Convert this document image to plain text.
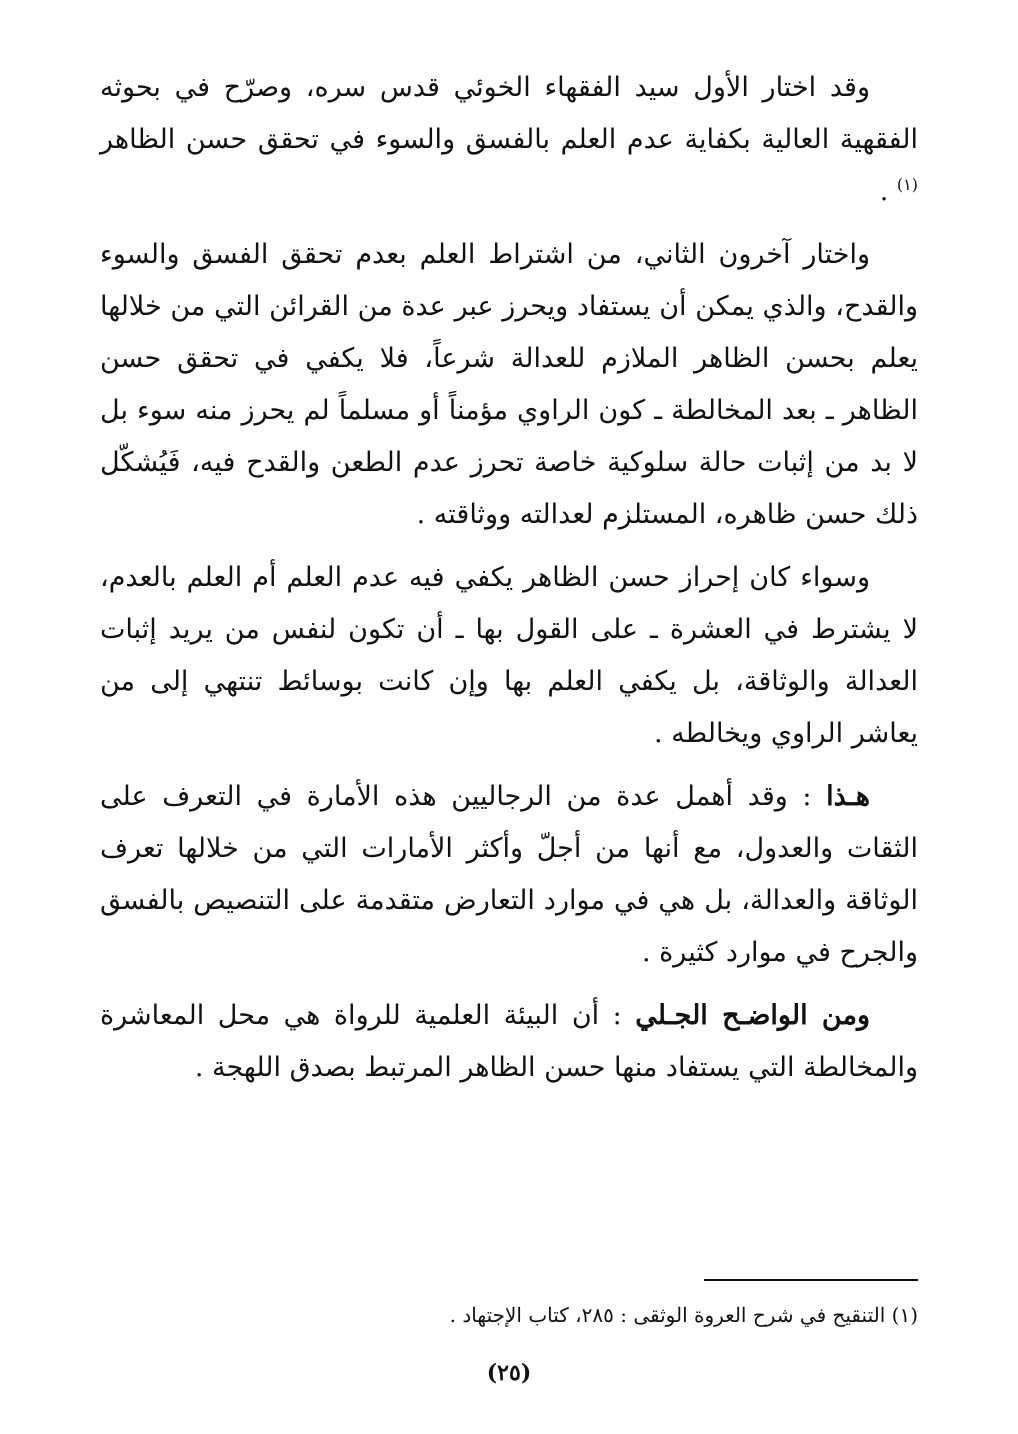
وقد اختار الأول سيد الفقهاء الخوئي قدس سره، وصرّح في بحوثه الفقهية العالية بكفاية عدم العلم بالفسق والسوء في تحقق حسن الظاهر $^{(١)}$ .

واختار آخرون الثاني، من اشتراط العلم بعدم تحقق الفسق والسوء والقدح، والذي يمكن أن يستفاد ويحرز عبر عدة من القرائن التي من خلالها يعلم بحسن الظاهر الملازم للعدالة شرعاً، فلا يكفي في تحقق حسن الظاهر ـ بعد المخالطة ـ كون الراوي مؤمناً أو مسلماً لم يحرز منه سوء بل لا بد من إثبات حالة سلوكية خاصة تحرز عدم الطعن والقدح فيه، فَيُشكّل ذلك حسن ظاهره، المستلزم لعدالته ووثاقته .

وسواء كان إحراز حسن الظاهر يكفي فيه عدم العلم أم العلم بالعدم، لا يشترط في العشرة ـ على القول بها ـ أن تكون لنفس من يريد إثبات العدالة والوثاقة، بل يكفي العلم بها وإن كانت بوسائط تنتهي إلى من يعاشر الراوي ويخالطه .

هـذا : وقد أهمل عدة من الرجاليين هذه الأمارة في التعرف على الثقات والعدول، مع أنها من أجلّ وأكثر الأمارات التي من خلالها تعرف الوثاقة والعدالة، بل هي في موارد التعارض متقدمة على التنصيص بالفسق والجرح في موارد كثيرة .

ومن الواضـح الجـلي : أن البيئة العلمية للرواة هي محل المعاشرة والمخالطة التي يستفاد منها حسن الظاهر المرتبط بصدق اللهجة .

(١) التنقيح في شرح العروة الوثقى : ٢٨٥، كتاب الإجتهاد .
(٢٥)
